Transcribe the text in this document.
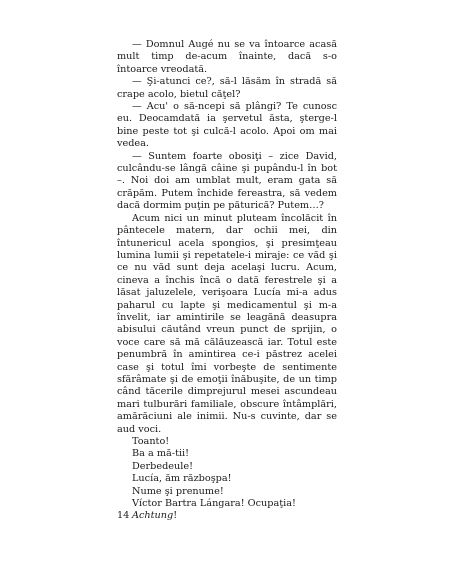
— Domnul Augé nu se va întoarce acasă mult timp de-acum înainte, dacă s-o întoarce vreodată.

— Şi-atunci ce?, să-l lăsăm în stradă să crape acolo, bietul căţel?

— Acu' o să-ncepi să plângi? Te cunosc eu. Deocamdată ia şervetul ăsta, şterge-l bine peste tot şi culcă-l acolo. Apoi om mai vedea.

— Suntem foarte obosiţi – zice David, culcându-se lângă câine şi pupându-l în bot –. Noi doi am umblat mult, eram gata să crăpăm. Putem închide fereastra, să vedem dacă dormim puţin pe păturică? Putem…?

Acum nici un minut pluteam încolăcit în pântecele matern, dar ochii mei, din întunericul acela spongios, şi presimţeau lumina lumii şi repetatele-i miraje: ce văd şi ce nu văd sunt deja acelaşi lucru. Acum, cineva a închis încă o dată ferestrele şi a lăsat jaluzelele, verişoara Lucía mi-a adus paharul cu lapte şi medicamentul şi m-a învelit, iar amintirile se leagănă deasupra abisului căutând vreun punct de sprijin, o voce care să mă călăuzească iar. Totul este penumbră în amintirea ce-i păstrez acelei case şi totul îmi vorbeşte de sentimente sfărâmate şi de emoţii înăbuşite, de un timp când tăcerile dimprejurul mesei ascundeau mari tulburări familiale, obscure întâmplări, amărăciuni ale inimii. Nu-s cuvinte, dar se aud voci.

Toanto!

Ba a mă-tii!

Derbedeule!

Lucía, ăm războşpa!

Nume şi prenume!

Víctor Bartra Lángara! Ocupaţia!

Achtung!

14
